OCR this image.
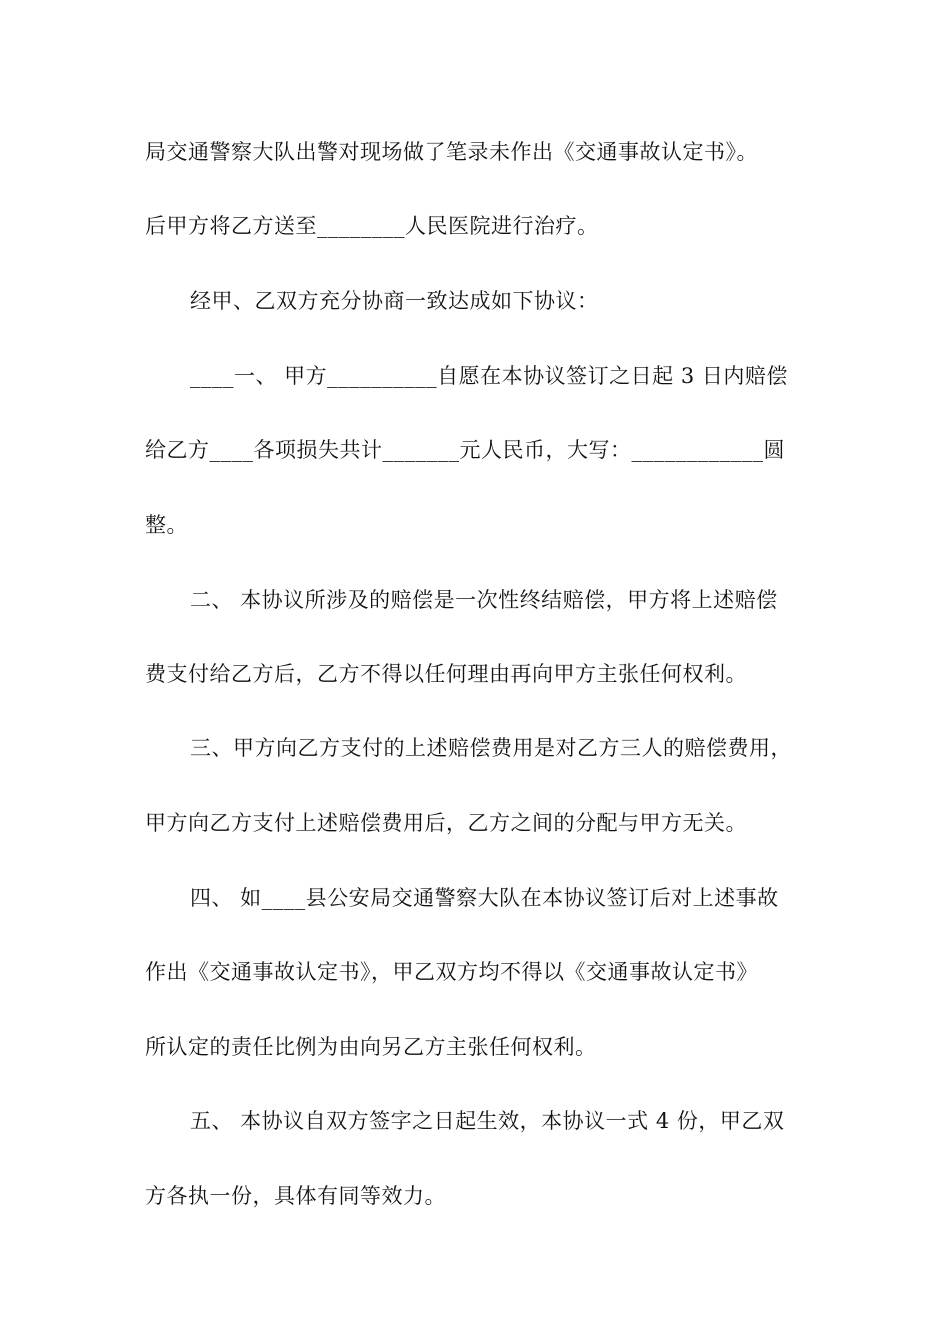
局交通警察大队出警对现场做了笔录未作出《交通事故认定书》。
后甲方将乙方送至________人民医院进行治疗。
经甲、乙双方充分协商一致达成如下协议：
____一、 甲方__________自愿在本协议签订之日起 3 日内赔偿
给乙方____各项损失共计_______元人民币，大写：____________圆
整。
二、 本协议所涉及的赔偿是一次性终结赔偿，甲方将上述赔偿
费支付给乙方后，乙方不得以任何理由再向甲方主张任何权利。
三、甲方向乙方支付的上述赔偿费用是对乙方三人的赔偿费用，
甲方向乙方支付上述赔偿费用后，乙方之间的分配与甲方无关。
四、 如____县公安局交通警察大队在本协议签订后对上述事故
作出《交通事故认定书》，甲乙双方均不得以《交通事故认定书》
所认定的责任比例为由向另乙方主张任何权利。
五、 本协议自双方签字之日起生效，本协议一式 4 份，甲乙双
方各执一份，具体有同等效力。
